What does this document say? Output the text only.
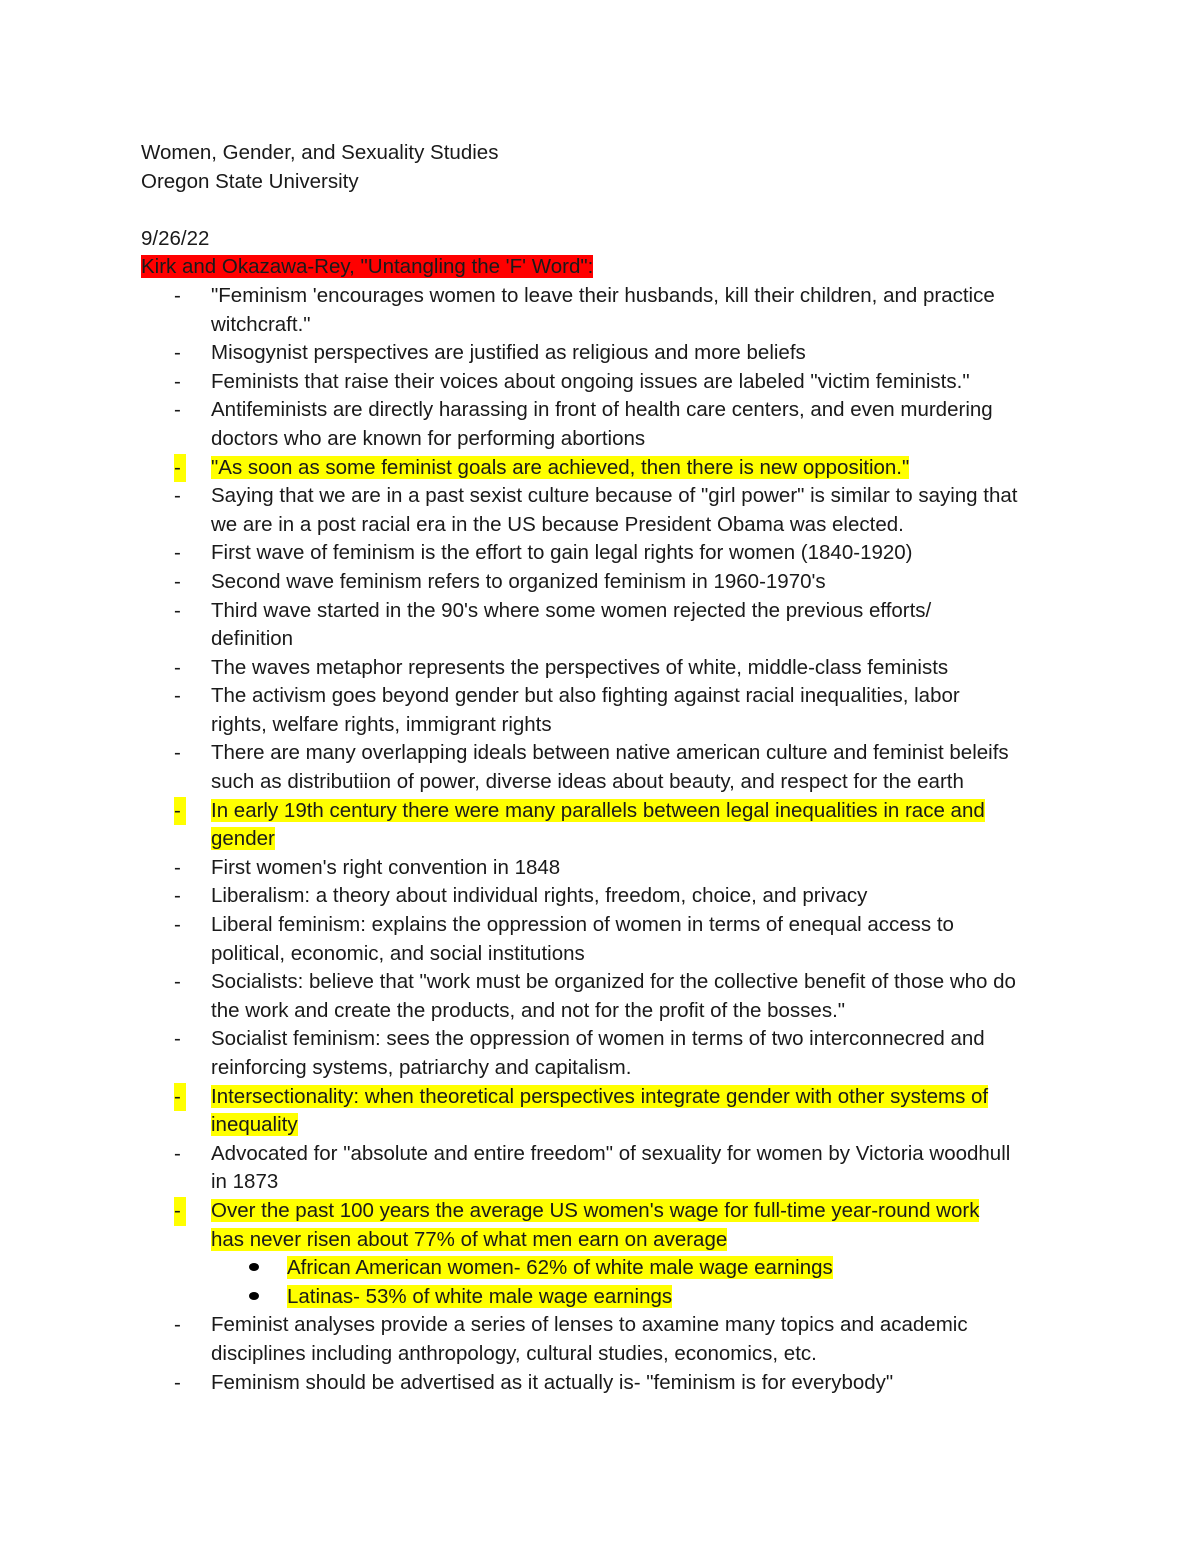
Women, Gender, and Sexuality Studies
Oregon State University
9/26/22
Kirk and Okazawa-Rey, "Untangling the 'F' Word":
- "Feminism 'encourages women to leave their husbands, kill their children, and practice
witchcraft."
- Misogynist perspectives are justified as religious and more beliefs
- Feminists that raise their voices about ongoing issues are labeled "victim feminists."
- Antifeminists are directly harassing in front of health care centers, and even murdering
doctors who are known for performing abortions
- "As soon as some feminist goals are achieved, then there is new opposition."
- Saying that we are in a past sexist culture because of "girl power" is similar to saying that
we are in a post racial era in the US because President Obama was elected.
- First wave of feminism is the effort to gain legal rights for women (1840-1920)
- Second wave feminism refers to organized feminism in 1960-1970's
- Third wave started in the 90's where some women rejected the previous efforts/
definition
- The waves metaphor represents the perspectives of white, middle-class feminists
- The activism goes beyond gender but also fighting against racial inequalities, labor
rights, welfare rights, immigrant rights
- There are many overlapping ideals between native american culture and feminist beleifs
such as distributiion of power, diverse ideas about beauty, and respect for the earth
- In early 19th century there were many parallels between legal inequalities in race and
gender
- First women's right convention in 1848
- Liberalism: a theory about individual rights, freedom, choice, and privacy
- Liberal feminism: explains the oppression of women in terms of enequal access to
political, economic, and social institutions
- Socialists: believe that "work must be organized for the collective benefit of those who do
the work and create the products, and not for the profit of the bosses."
- Socialist feminism: sees the oppression of women in terms of two interconnecred and
reinforcing systems, patriarchy and capitalism.
- Intersectionality: when theoretical perspectives integrate gender with other systems of
inequality
- Advocated for "absolute and entire freedom" of sexuality for women by Victoria woodhull
in 1873
- Over the past 100 years the average US women's wage for full-time year-round work
has never risen about 77% of what men earn on average
African American women- 62% of white male wage earnings
Latinas- 53% of white male wage earnings
- Feminist analyses provide a series of lenses to axamine many topics and academic
disciplines including anthropology, cultural studies, economics, etc.
- Feminism should be advertised as it actually is- "feminism is for everybody"
